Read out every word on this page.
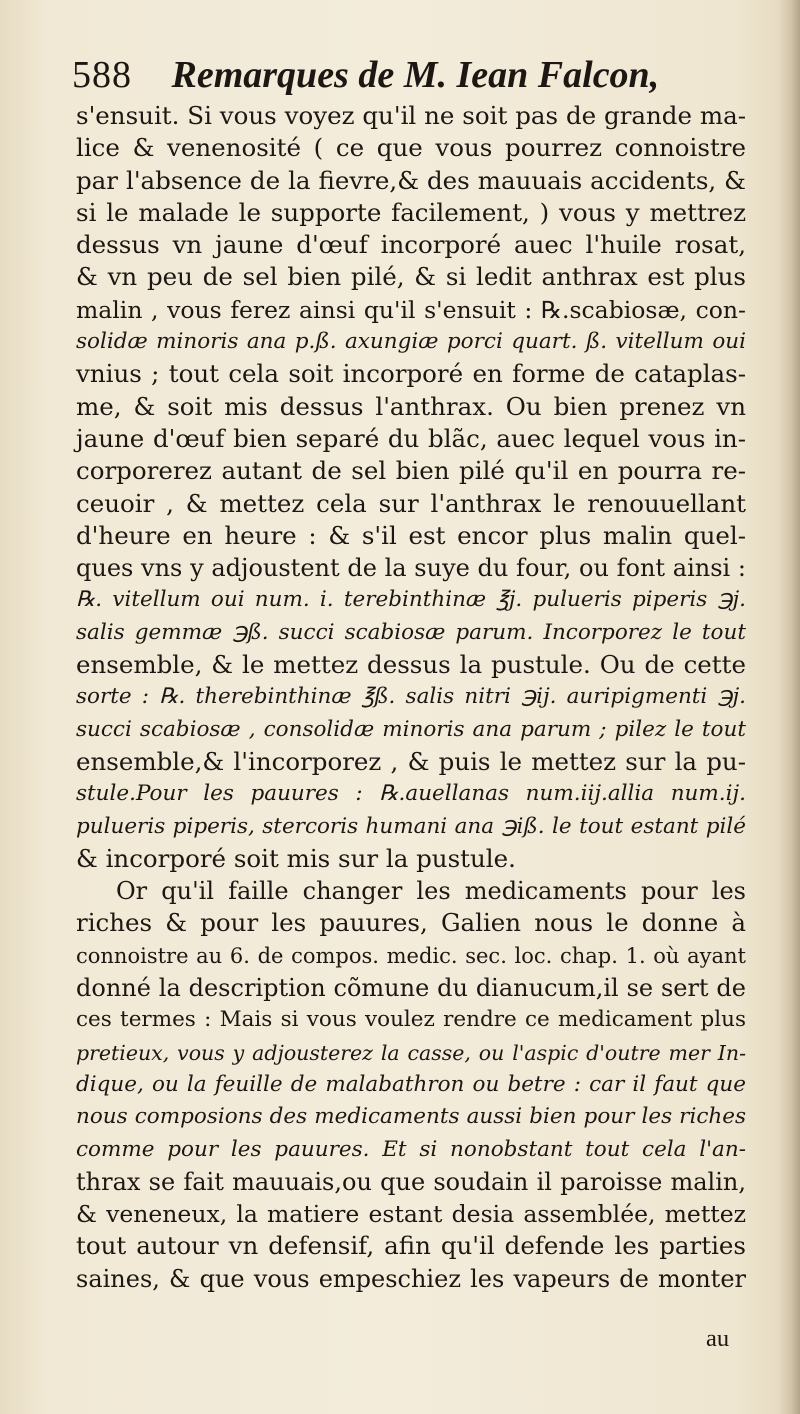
588 Remarques de M. Iean Falcon,
s'ensuit. Si vous voyez qu'il ne soit pas de grande ma-
lice & venenosité ( ce que vous pourrez connoistre
par l'absence de la fievre,& des mauuais accidents, &
si le malade le supporte facilement, ) vous y mettrez
dessus vn jaune d'œuf incorporé auec l'huile rosat,
& vn peu de sel bien pilé, & si ledit anthrax est plus
malin , vous ferez ainsi qu'il s'ensuit : ℞.scabiosæ, con-
solidæ minoris ana p.ß. axungiæ porci quart. ß. vitellum oui
vnius ; tout cela soit incorporé en forme de cataplas-
me, & soit mis dessus l'anthrax. Ou bien prenez vn
jaune d'œuf bien separé du blãc, auec lequel vous in-
corporerez autant de sel bien pilé qu'il en pourra re-
ceuoir , & mettez cela sur l'anthrax le renouuellant
d'heure en heure : & s'il est encor plus malin quel-
ques vns y adjoustent de la suye du four, ou font ainsi :
℞. vitellum oui num. i. terebinthinæ ℥j. pulueris piperis ℈j.
salis gemmæ ℈ß. succi scabiosæ parum. Incorporez le tout
ensemble, & le mettez dessus la pustule. Ou de cette
sorte : ℞. therebinthinæ ℥ß. salis nitri ℈ij. auripigmenti ℈j.
succi scabiosæ , consolidæ minoris ana parum ; pilez le tout
ensemble,& l'incorporez , & puis le mettez sur la pu-
stule.Pour les pauures : ℞.auellanas num.iij.allia num.ij.
pulueris piperis, stercoris humani ana ℈iß. le tout estant pilé
& incorporé soit mis sur la pustule.
Or qu'il faille changer les medicaments pour les
riches & pour les pauures, Galien nous le donne à
connoistre au 6. de compos. medic. sec. loc. chap. 1. où ayant
donné la description cõmune du dianucum,il se sert de
ces termes : Mais si vous voulez rendre ce medicament plus
pretieux, vous y adjousterez la casse, ou l'aspic d'outre mer In-
dique, ou la feuille de malabathron ou betre : car il faut que
nous composions des medicaments aussi bien pour les riches
comme pour les pauures. Et si nonobstant tout cela l'an-
thrax se fait mauuais,ou que soudain il paroisse malin,
& veneneux, la matiere estant desia assemblée, mettez
tout autour vn defensif, afin qu'il defende les parties
saines, & que vous empeschiez les vapeurs de monter
au
